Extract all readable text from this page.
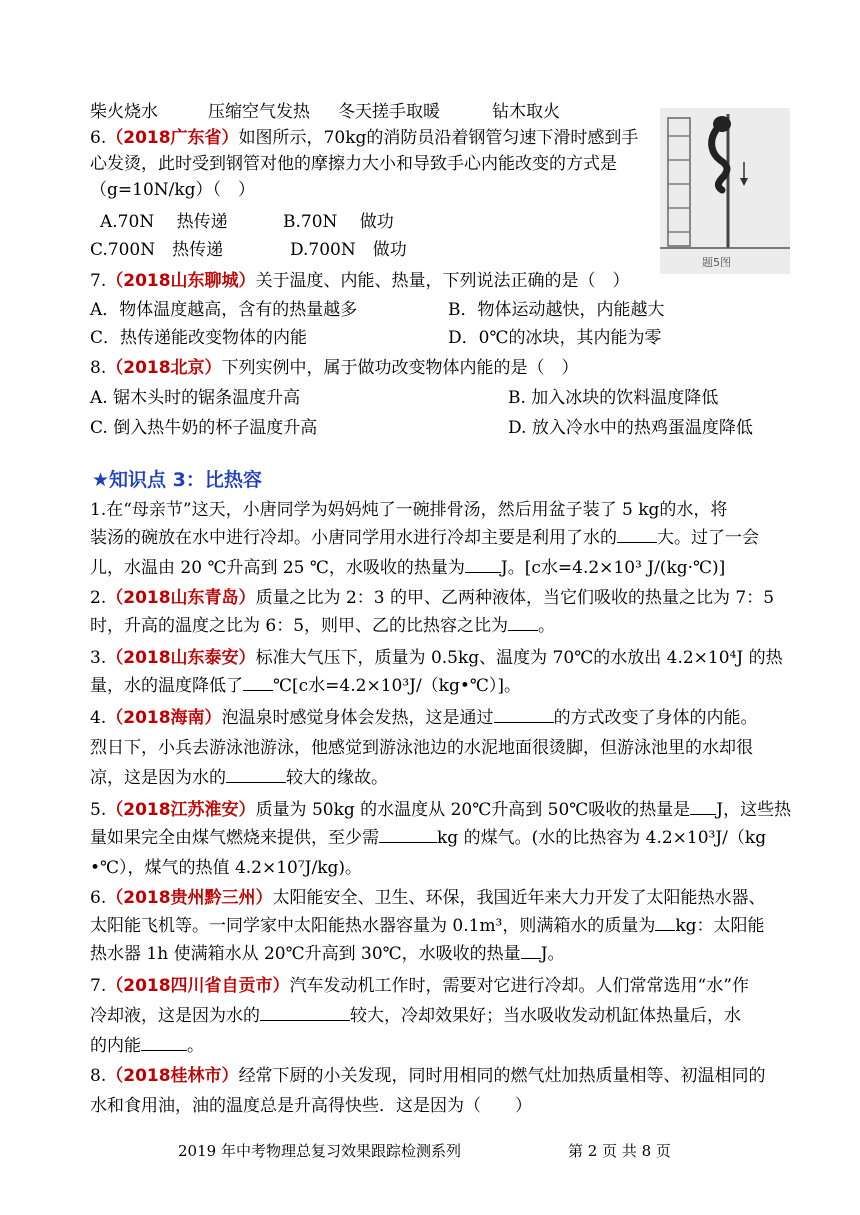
柴火烧水	压缩空气发热 冬天搓手取暖	钻木取火
6.（2018广东省）如图所示，70kg的消防员沿着钢管匀速下滑时感到手
心发烫，此时受到钢管对他的摩擦力大小和导致手心内能改变的方式是
（g=10N/kg）（　）
A.70N　 热传递	B.70N　 做功
C.700N　热传递	D.700N　做功
题5图
7.（2018山东聊城）关于温度、内能、热量，下列说法正确的是（　）
A．物体温度越高，含有的热量越多	B．物体运动越快，内能越大
C．热传递能改变物体的内能	D．0℃的冰块，其内能为零
8.（2018北京）下列实例中，属于做功改变物体内能的是（　）
A. 锯木头时的锯条温度升高	B. 加入冰块的饮料温度降低
C. 倒入热牛奶的杯子温度升高	D. 放入冷水中的热鸡蛋温度降低
★知识点 3：比热容
1.在“母亲节”这天，小唐同学为妈妈炖了一碗排骨汤，然后用盆子装了 5 kg的水，将
装汤的碗放在水中进行冷却。小唐同学用水进行冷却主要是利用了水的 大。过了一会
儿，水温由 20 ℃升高到 25 ℃，水吸收的热量为 J。[c水=4.2×10³ J/(kg·℃)]
2.（2018山东青岛）质量之比为 2：3 的甲、乙两种液体，当它们吸收的热量之比为 7：5
时，升高的温度之比为 6：5，则甲、乙的比热容之比为 。
3.（2018山东泰安）标准大气压下，质量为 0.5kg、温度为 70℃的水放出 4.2×10⁴J 的热
量，水的温度降低了 ℃[c水=4.2×10³J/（kg•℃）]。
4.（2018海南）泡温泉时感觉身体会发热，这是通过	的方式改变了身体的内能。
烈日下，小兵去游泳池游泳，他感觉到游泳池边的水泥地面很烫脚，但游泳池里的水却很
凉，这是因为水的	较大的缘故。
5.（2018江苏淮安）质量为 50kg 的水温度从 20℃升高到 50℃吸收的热量是 J，这些热
量如果完全由煤气燃烧来提供，至少需	kg 的煤气。(水的比热容为 4.2×10³J/（kg
•℃），煤气的热值 4.2×10⁷J/kg)。
6.（2018贵州黔三州）太阳能安全、卫生、环保，我国近年来大力开发了太阳能热水器、
太阳能飞机等。一同学家中太阳能热水器容量为 0.1m³，则满箱水的质量为 kg：太阳能
热水器 1h 使满箱水从 20℃升高到 30℃，水吸收的热量 J。
7.（2018四川省自贡市）汽车发动机工作时，需要对它进行冷却。人们常常选用“水”作
冷却液，这是因为水的	较大，冷却效果好；当水吸收发动机缸体热量后，水
的内能	。
8.（2018桂林市）经常下厨的小关发现，同时用相同的燃气灶加热质量相等、初温相同的
水和食用油，油的温度总是升高得快些．这是因为（　　）
2019 年中考物理总复习效果跟踪检测系列	第 2 页 共 8 页
